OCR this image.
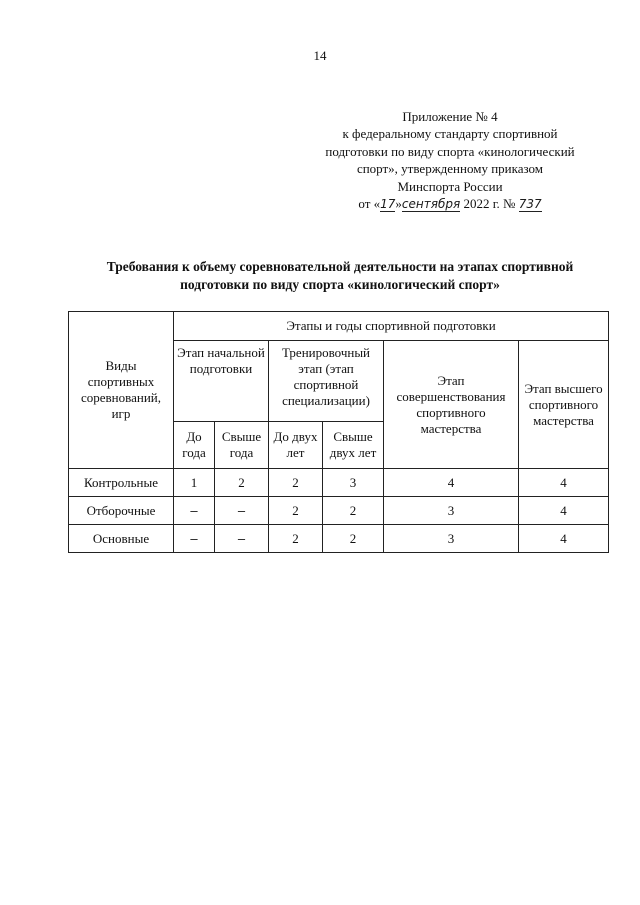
14
Приложение № 4
к федеральному стандарту спортивной
подготовки по виду спорта «кинологический
спорт», утвержденному приказом
Минспорта России
от «17»сентября 2022 г. № 737
Требования к объему соревновательной деятельности на этапах спортивной
подготовки по виду спорта «кинологический спорт»
Виды спортивных соревнований, игр	Этапы и годы спортивной подготовки					
	Этап начальной подготовки		Тренировочный этап (этап спортивной специализации)		Этап совершенствования спортивного мастерства	Этап высшего спортивного мастерства
	До года	Свыше года	До двух лет	Свыше двух лет		
Контрольные	1	2	2	3	4	4
Отборочные	–	–	2	2	3	4
Основные	–	–	2	2	3	4
